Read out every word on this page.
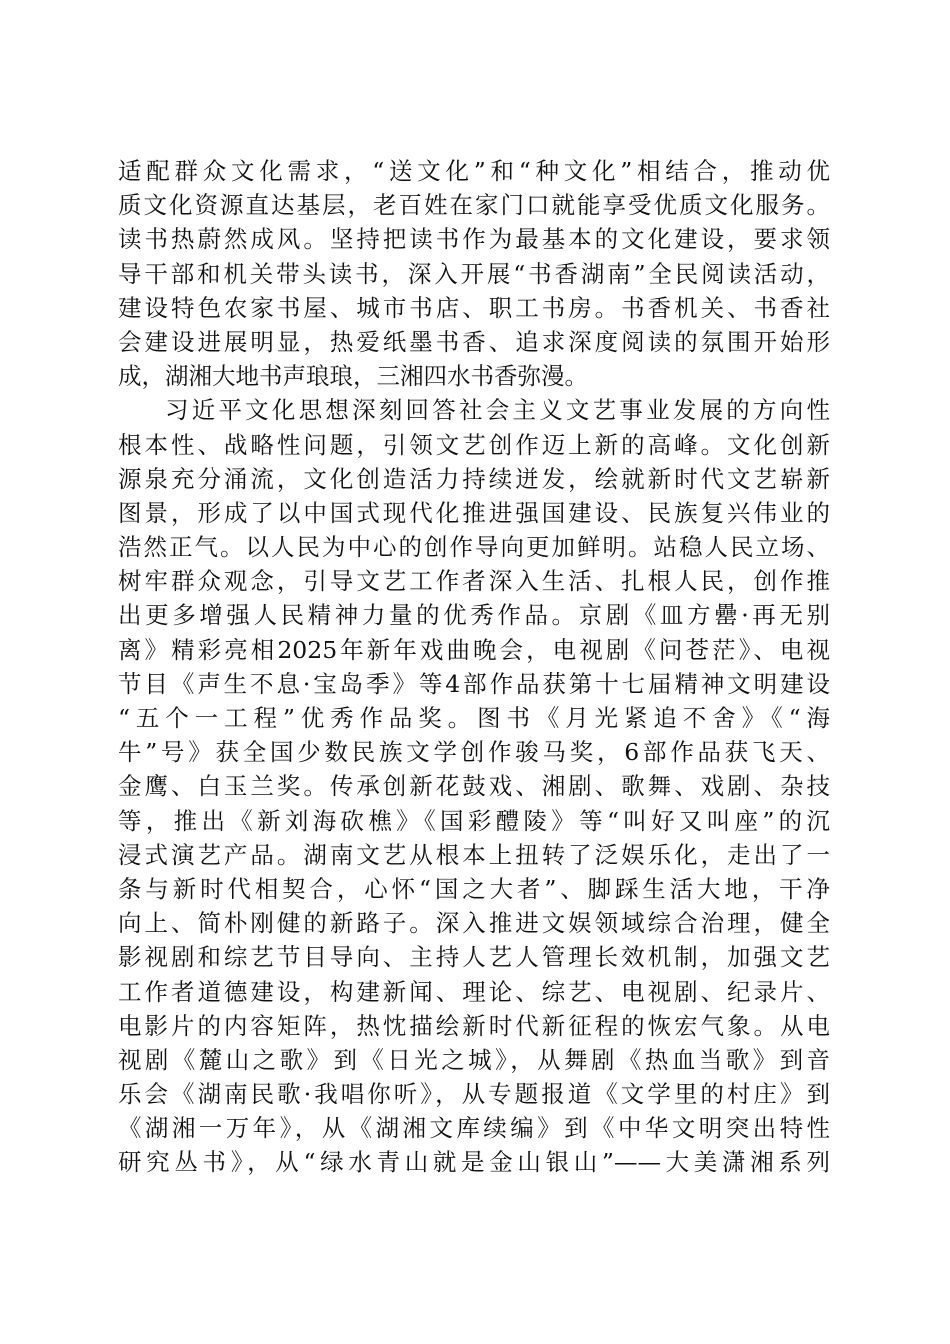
适配群众文化需求，“送文化”和“种文化”相结合，推动优
质文化资源直达基层，老百姓在家门口就能享受优质文化服务。
读书热蔚然成风。坚持把读书作为最基本的文化建设，要求领
导干部和机关带头读书，深入开展“书香湖南”全民阅读活动，
建设特色农家书屋、城市书店、职工书房。书香机关、书香社
会建设进展明显，热爱纸墨书香、追求深度阅读的氛围开始形
成，湖湘大地书声琅琅，三湘四水书香弥漫。
习近平文化思想深刻回答社会主义文艺事业发展的方向性
根本性、战略性问题，引领文艺创作迈上新的高峰。文化创新
源泉充分涌流，文化创造活力持续迸发，绘就新时代文艺崭新
图景，形成了以中国式现代化推进强国建设、民族复兴伟业的
浩然正气。以人民为中心的创作导向更加鲜明。站稳人民立场、
树牢群众观念，引导文艺工作者深入生活、扎根人民，创作推
出更多增强人民精神力量的优秀作品。京剧《皿方罍·再无别
离》精彩亮相2025年新年戏曲晚会，电视剧《问苍茫》、电视
节目《声生不息·宝岛季》等4部作品获第十七届精神文明建设
“五个一工程”优秀作品奖。图书《月光紧追不舍》《“海
牛”号》获全国少数民族文学创作骏马奖，6部作品获飞天、
金鹰、白玉兰奖。传承创新花鼓戏、湘剧、歌舞、戏剧、杂技
等，推出《新刘海砍樵》《国彩醴陵》等“叫好又叫座”的沉
浸式演艺产品。湖南文艺从根本上扭转了泛娱乐化，走出了一
条与新时代相契合，心怀“国之大者”、脚踩生活大地，干净
向上、简朴刚健的新路子。深入推进文娱领域综合治理，健全
影视剧和综艺节目导向、主持人艺人管理长效机制，加强文艺
工作者道德建设，构建新闻、理论、综艺、电视剧、纪录片、
电影片的内容矩阵，热忱描绘新时代新征程的恢宏气象。从电
视剧《麓山之歌》到《日光之城》，从舞剧《热血当歌》到音
乐会《湖南民歌·我唱你听》，从专题报道《文学里的村庄》到
《湖湘一万年》，从《湖湘文库续编》到《中华文明突出特性
研究丛书》，从“绿水青山就是金山银山”——大美潇湘系列
